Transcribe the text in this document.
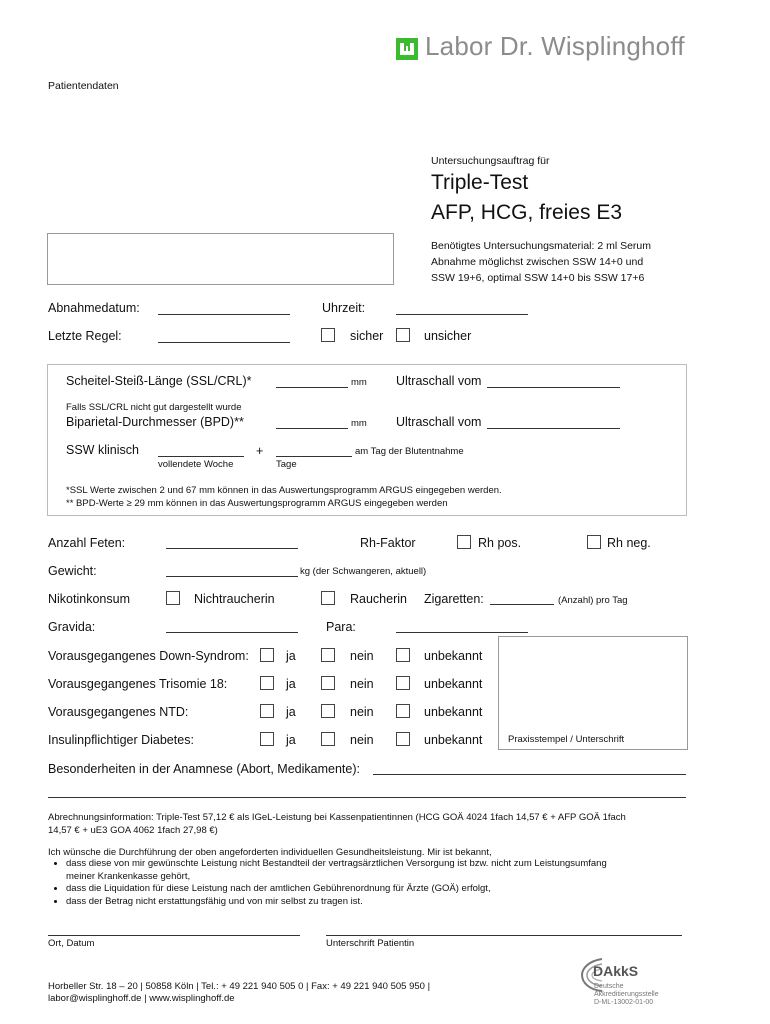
Labor Dr. Wisplinghoff
Patientendaten
Untersuchungsauftrag für
Triple-Test
AFP, HCG, freies E3
Benötigtes Untersuchungsmaterial: 2 ml Serum
Abnahme möglichst zwischen SSW 14+0 und
SSW 19+6, optimal SSW 14+0 bis SSW 17+6
Abnahmedatum:	Uhrzeit:
Letzte Regel:	sicher	unsicher
Scheitel-Steiß-Länge (SSL/CRL)*	mm Ultraschall vom
Falls SSL/CRL nicht gut dargestellt wurde
Biparietal-Durchmesser (BPD)**	mm Ultraschall vom
SSW klinisch	+	am Tag der Blutentnahme
vollendete Woche	Tage
*SSL Werte zwischen 2 und 67 mm können in das Auswertungsprogramm ARGUS eingegeben werden.
** BPD-Werte ≥ 29 mm können in das Auswertungsprogramm ARGUS eingegeben werden
Anzahl Feten:	Rh-Faktor	Rh pos.	Rh neg.
Gewicht:	kg (der Schwangeren, aktuell)
Nikotinkonsum	Nichtraucherin	Raucherin Zigaretten:	(Anzahl) pro Tag
Gravida:	Para:
Vorausgegangenes Down-Syndrom:	ja	nein	unbekannt
Vorausgegangenes Trisomie 18:	ja	nein	unbekannt
Vorausgegangenes NTD:	ja	nein	unbekannt
Insulinpflichtiger Diabetes:	ja	nein	unbekannt	Praxisstempel / Unterschrift
Besonderheiten in der Anamnese (Abort, Medikamente):
Abrechnungsinformation: Triple-Test 57,12 € als IGeL-Leistung bei Kassenpatientinnen (HCG GOÄ 4024 1fach 14,57 € + AFP GOÄ 1fach
14,57 € + uE3 GOA 4062 1fach 27,98 €)
Ich wünsche die Durchführung der oben angeforderten individuellen Gesundheitsleistung. Mir ist bekannt,
• dass diese von mir gewünschte Leistung nicht Bestandteil der vertragsärztlichen Versorgung ist bzw. nicht zum Leistungsumfang
meiner Krankenkasse gehört,
• dass die Liquidation für diese Leistung nach der amtlichen Gebührenordnung für Ärzte (GOÄ) erfolgt,
• dass der Betrag nicht erstattungsfähig und von mir selbst zu tragen ist.
Ort, Datum	Unterschrift Patientin
Horbeller Str. 18 – 20 | 50858 Köln | Tel.: + 49 221 940 505 0 | Fax: + 49 221 940 505 950 |
labor@wisplinghoff.de | www.wisplinghoff.de
DAkkS
Deutsche
Akkreditierungsstelle
D-ML-13002-01-00
